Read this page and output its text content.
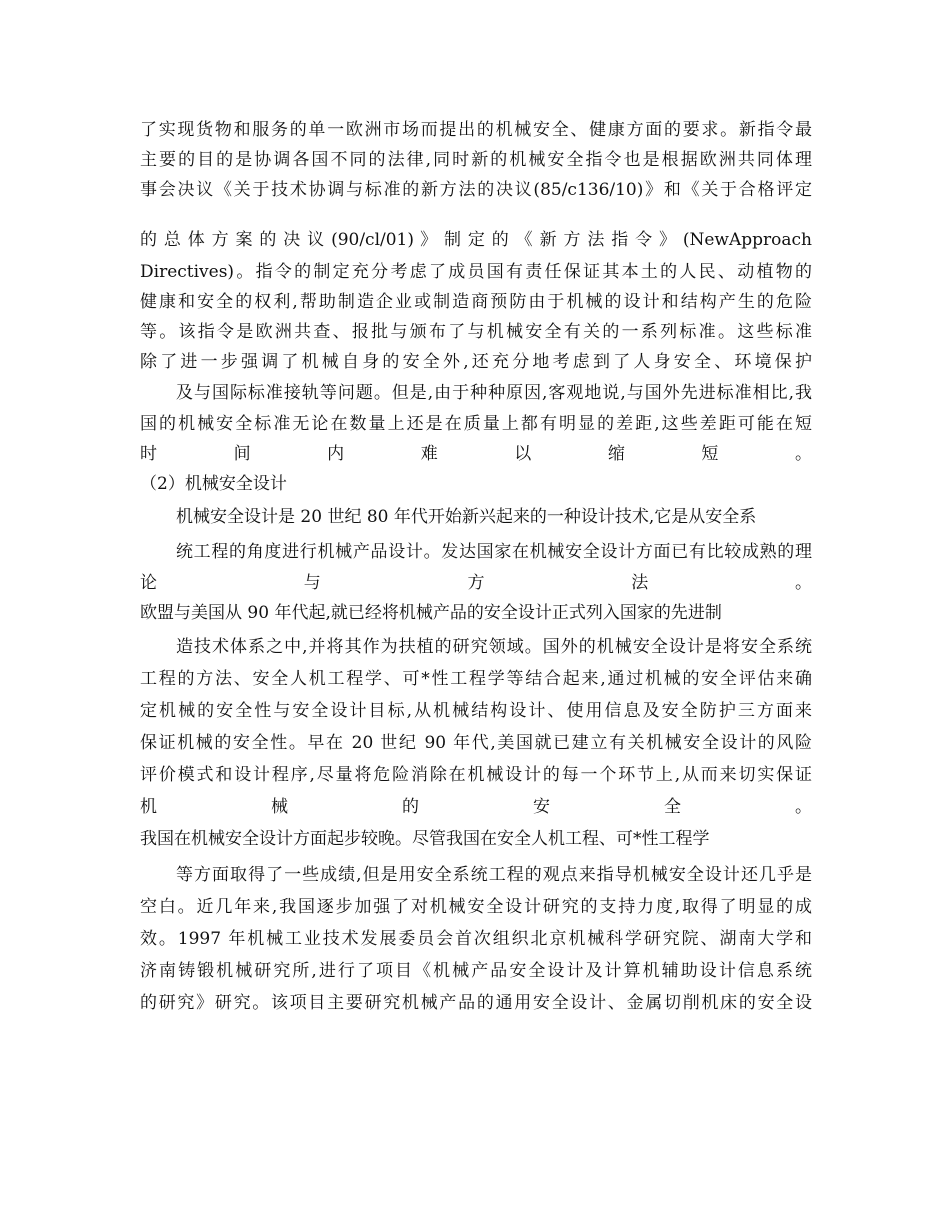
了实现货物和服务的单一欧洲市场而提出的机械安全、健康方面的要求。新指令最
主要的目的是协调各国不同的法律,同时新的机械安全指令也是根据欧洲共同体理
事会决议《关于技术协调与标准的新方法的决议(85/c136/10)》和《关于合格评定
的 总 体 方 案 的 决 议 (90/cl/01) 》 制 定 的 《 新 方 法 指 令 》 (NewApproach
Directives)。指令的制定充分考虑了成员国有责任保证其本土的人民、动植物的
健康和安全的权利,帮助制造企业或制造商预防由于机械的设计和结构产生的危险
等。该指令是欧洲共查、报批与颁布了与机械安全有关的一系列标准。这些标准
除了进一步强调了机械自身的安全外,还充分地考虑到了人身安全、环境保护
及与国际标准接轨等问题。但是,由于种种原因,客观地说,与国外先进标准相比,我
国的机械安全标准无论在数量上还是在质量上都有明显的差距,这些差距可能在短
时间内难以缩短。
（2）机械安全设计
机械安全设计是 20 世纪 80 年代开始新兴起来的一种设计技术,它是从安全系
统工程的角度进行机械产品设计。发达国家在机械安全设计方面已有比较成熟的理
论与方法。
欧盟与美国从 90 年代起,就已经将机械产品的安全设计正式列入国家的先进制
造技术体系之中,并将其作为扶植的研究领域。国外的机械安全设计是将安全系统
工程的方法、安全人机工程学、可*性工程学等结合起来,通过机械的安全评估来确
定机械的安全性与安全设计目标,从机械结构设计、使用信息及安全防护三方面来
保证机械的安全性。早在 20 世纪 90 年代,美国就已建立有关机械安全设计的风险
评价模式和设计程序,尽量将危险消除在机械设计的每一个环节上,从而来切实保证
机械的安全。
我国在机械安全设计方面起步较晚。尽管我国在安全人机工程、可*性工程学
等方面取得了一些成绩,但是用安全系统工程的观点来指导机械安全设计还几乎是
空白。近几年来,我国逐步加强了对机械安全设计研究的支持力度,取得了明显的成
效。1997 年机械工业技术发展委员会首次组织北京机械科学研究院、湖南大学和
济南铸锻机械研究所,进行了项目《机械产品安全设计及计算机辅助设计信息系统
的研究》研究。该项目主要研究机械产品的通用安全设计、金属切削机床的安全设
